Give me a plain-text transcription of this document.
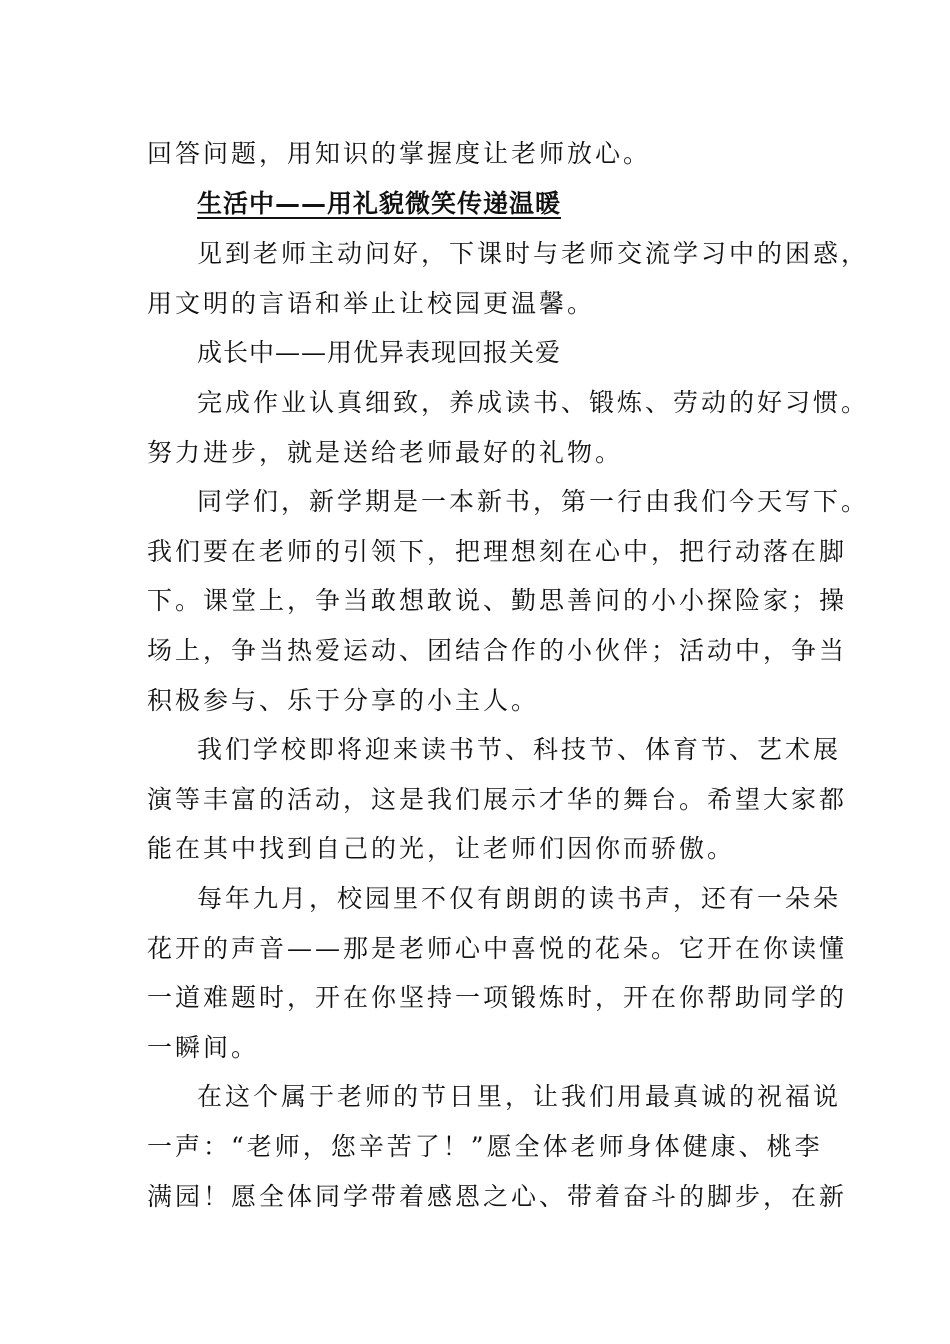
回答问题，用知识的掌握度让老师放心。
生活中——用礼貌微笑传递温暖
见到老师主动问好，下课时与老师交流学习中的困惑，
用文明的言语和举止让校园更温馨。
成长中——用优异表现回报关爱
完成作业认真细致，养成读书、锻炼、劳动的好习惯。
努力进步，就是送给老师最好的礼物。
同学们，新学期是一本新书，第一行由我们今天写下。
我们要在老师的引领下，把理想刻在心中，把行动落在脚
下。课堂上，争当敢想敢说、勤思善问的小小探险家；操
场上，争当热爱运动、团结合作的小伙伴；活动中，争当
积极参与、乐于分享的小主人。
我们学校即将迎来读书节、科技节、体育节、艺术展
演等丰富的活动，这是我们展示才华的舞台。希望大家都
能在其中找到自己的光，让老师们因你而骄傲。
每年九月，校园里不仅有朗朗的读书声，还有一朵朵
花开的声音——那是老师心中喜悦的花朵。它开在你读懂
一道难题时，开在你坚持一项锻炼时，开在你帮助同学的
一瞬间。
在这个属于老师的节日里，让我们用最真诚的祝福说
一声：“老师，您辛苦了！”愿全体老师身体健康、桃李
满园！愿全体同学带着感恩之心、带着奋斗的脚步，在新
